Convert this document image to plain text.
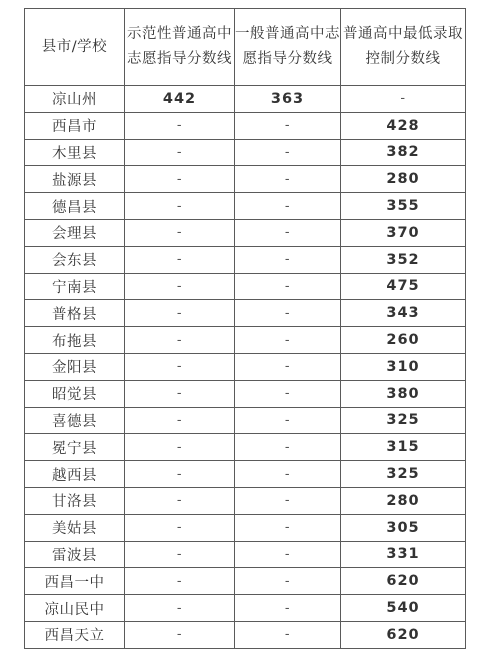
县市/学校	示范性普通高中志愿指导分数线	一般普通高中志愿指导分数线	普通高中最低录取控制分数线
凉山州	442	363	-
西昌市	-	-	428
木里县	-	-	382
盐源县	-	-	280
德昌县	-	-	355
会理县	-	-	370
会东县	-	-	352
宁南县	-	-	475
普格县	-	-	343
布拖县	-	-	260
金阳县	-	-	310
昭觉县	-	-	380
喜德县	-	-	325
冕宁县	-	-	315
越西县	-	-	325
甘洛县	-	-	280
美姑县	-	-	305
雷波县	-	-	331
西昌一中	-	-	620
凉山民中	-	-	540
西昌天立	-	-	620
